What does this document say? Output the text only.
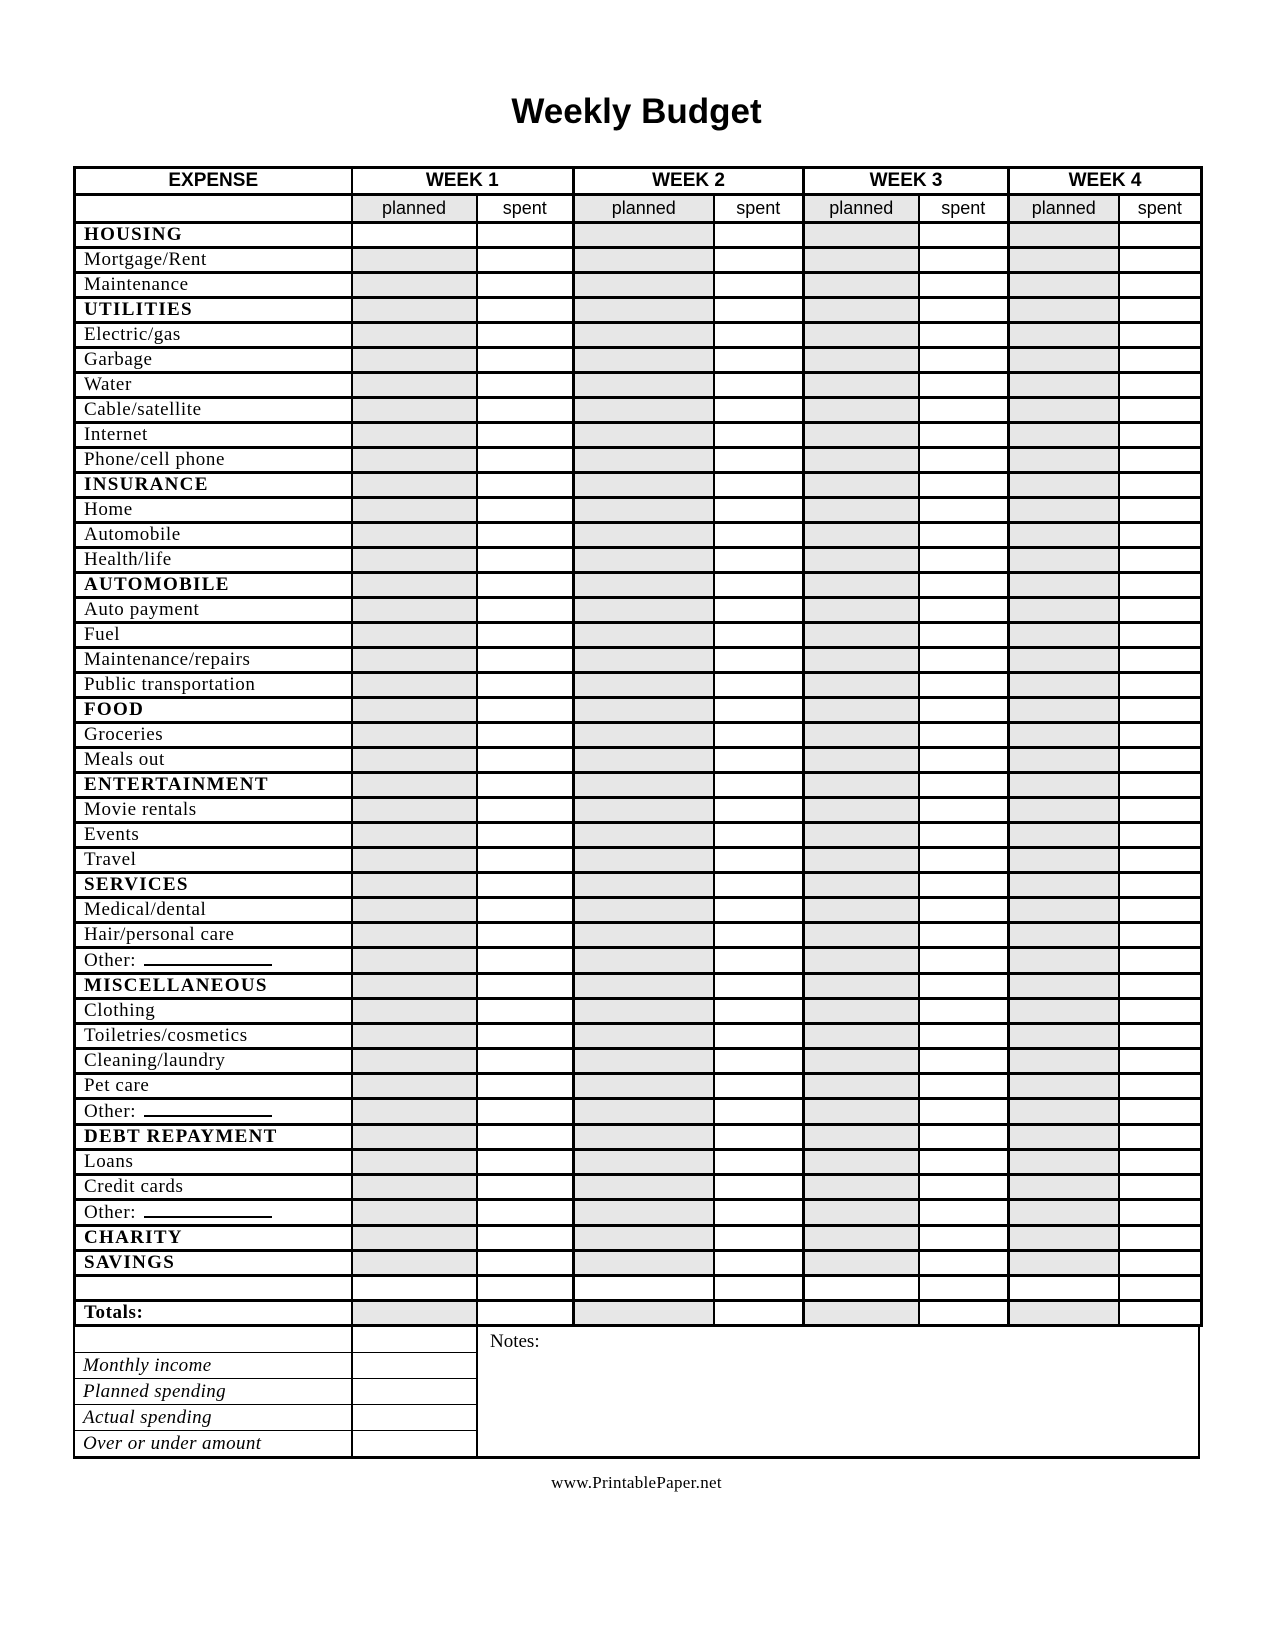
Weekly Budget
EXPENSE	WEEK 1		WEEK 2		WEEK 3		WEEK 4	
	planned	spent	planned	spent	planned	spent	planned	spent
HOUSING								
Mortgage/Rent								
Maintenance								
UTILITIES								
Electric/gas								
Garbage								
Water								
Cable/satellite								
Internet								
Phone/cell phone								
INSURANCE								
Home								
Automobile								
Health/life								
AUTOMOBILE								
Auto payment								
Fuel								
Maintenance/repairs								
Public transportation								
FOOD								
Groceries								
Meals out								
ENTERTAINMENT								
Movie rentals								
Events								
Travel								
SERVICES								
Medical/dental								
Hair/personal care								
Other:								
MISCELLANEOUS								
Clothing								
Toiletries/cosmetics								
Cleaning/laundry								
Pet care								
Other:								
DEBT REPAYMENT								
Loans								
Credit cards								
Other:								
CHARITY								
SAVINGS								

Totals:								

Monthly income	
Planned spending	
Actual spending	
Over or under amount	
Notes:
www.PrintablePaper.net
